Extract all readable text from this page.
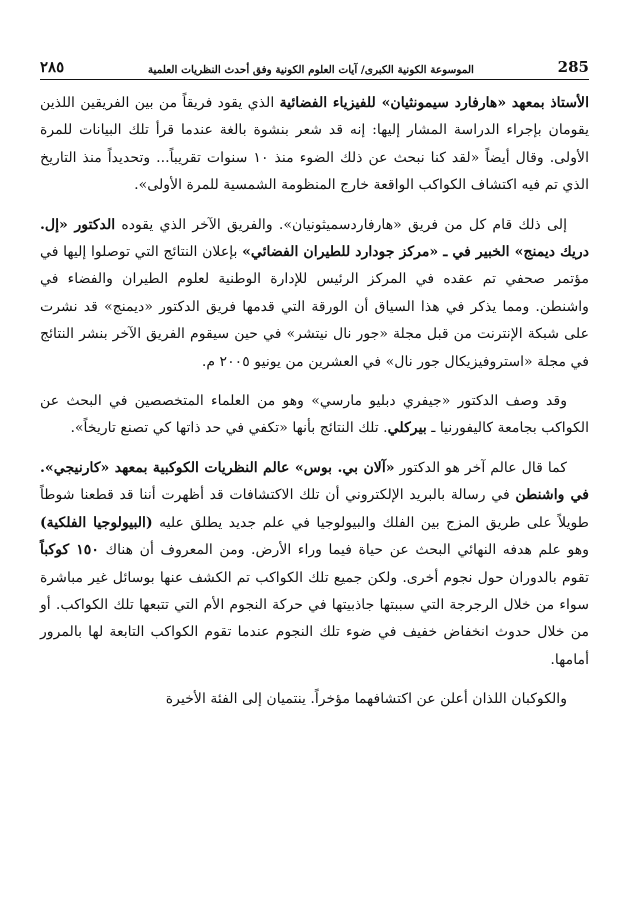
٢٨٥	الموسوعة الكونية الكبرى/ آيات العلوم الكونية وفق أحدث النظريات العلمية	285

الأستاذ بمعهد «هارفارد سيمونثيان» للفيزياء الفضائية الذي يقود فريقاً من بين الفريقين اللذين يقومان بإجراء الدراسة المشار إليها: إنه قد شعر بنشوة بالغة عندما قرأ تلك البيانات للمرة الأولى. وقال أيضاً «لقد كنا نبحث عن ذلك الضوء منذ ١٠ سنوات تقريباً... وتحديداً منذ التاريخ الذي تم فيه اكتشاف الكواكب الواقعة خارج المنظومة الشمسية للمرة الأولى».

إلى ذلك قام كل من فريق «هارفاردسميثونيان». والفريق الآخر الذي يقوده الدكتور «إل. دريك ديمنج» الخبير في ـ «مركز جودارد للطيران الفضائي» بإعلان النتائج التي توصلوا إليها في مؤتمر صحفي تم عقده في المركز الرئيس للإدارة الوطنية لعلوم الطيران والفضاء في واشنطن. ومما يذكر في هذا السياق أن الورقة التي قدمها فريق الدكتور «ديمنج» قد نشرت على شبكة الإنترنت من قبل مجلة «جور نال نيتشر» في حين سيقوم الفريق الآخر بنشر النتائج في مجلة «استروفيزيكال جور نال» في العشرين من يونيو ٢٠٠٥ م.

وقد وصف الدكتور «جيفري دبليو مارسي» وهو من العلماء المتخصصين في البحث عن الكواكب بجامعة كاليفورنيا ـ بيركلي. تلك النتائج بأنها «تكفي في حد ذاتها كي تصنع تاريخاً».

كما قال عالم آخر هو الدكتور «آلان بي. بوس» عالم النظريات الكوكبية بمعهد «كارنيجي». في واشنطن في رسالة بالبريد الإلكتروني أن تلك الاكتشافات قد أظهرت أننا قد قطعنا شوطاً طويلاً على طريق المزج بين الفلك والبيولوجيا في علم جديد يطلق عليه (البيولوجيا الفلكية) وهو علم هدفه النهائي البحث عن حياة فيما وراء الأرض. ومن المعروف أن هناك ١٥٠ كوكباً تقوم بالدوران حول نجوم أخرى. ولكن جميع تلك الكواكب تم الكشف عنها بوسائل غير مباشرة سواء من خلال الرجرجة التي سببتها جاذبيتها في حركة النجوم الأم التي تتبعها تلك الكواكب. أو من خلال حدوث انخفاض خفيف في ضوء تلك النجوم عندما تقوم الكواكب التابعة لها بالمرور أمامها.

والكوكبان اللذان أعلن عن اكتشافهما مؤخراً. ينتميان إلى الفئة الأخيرة
